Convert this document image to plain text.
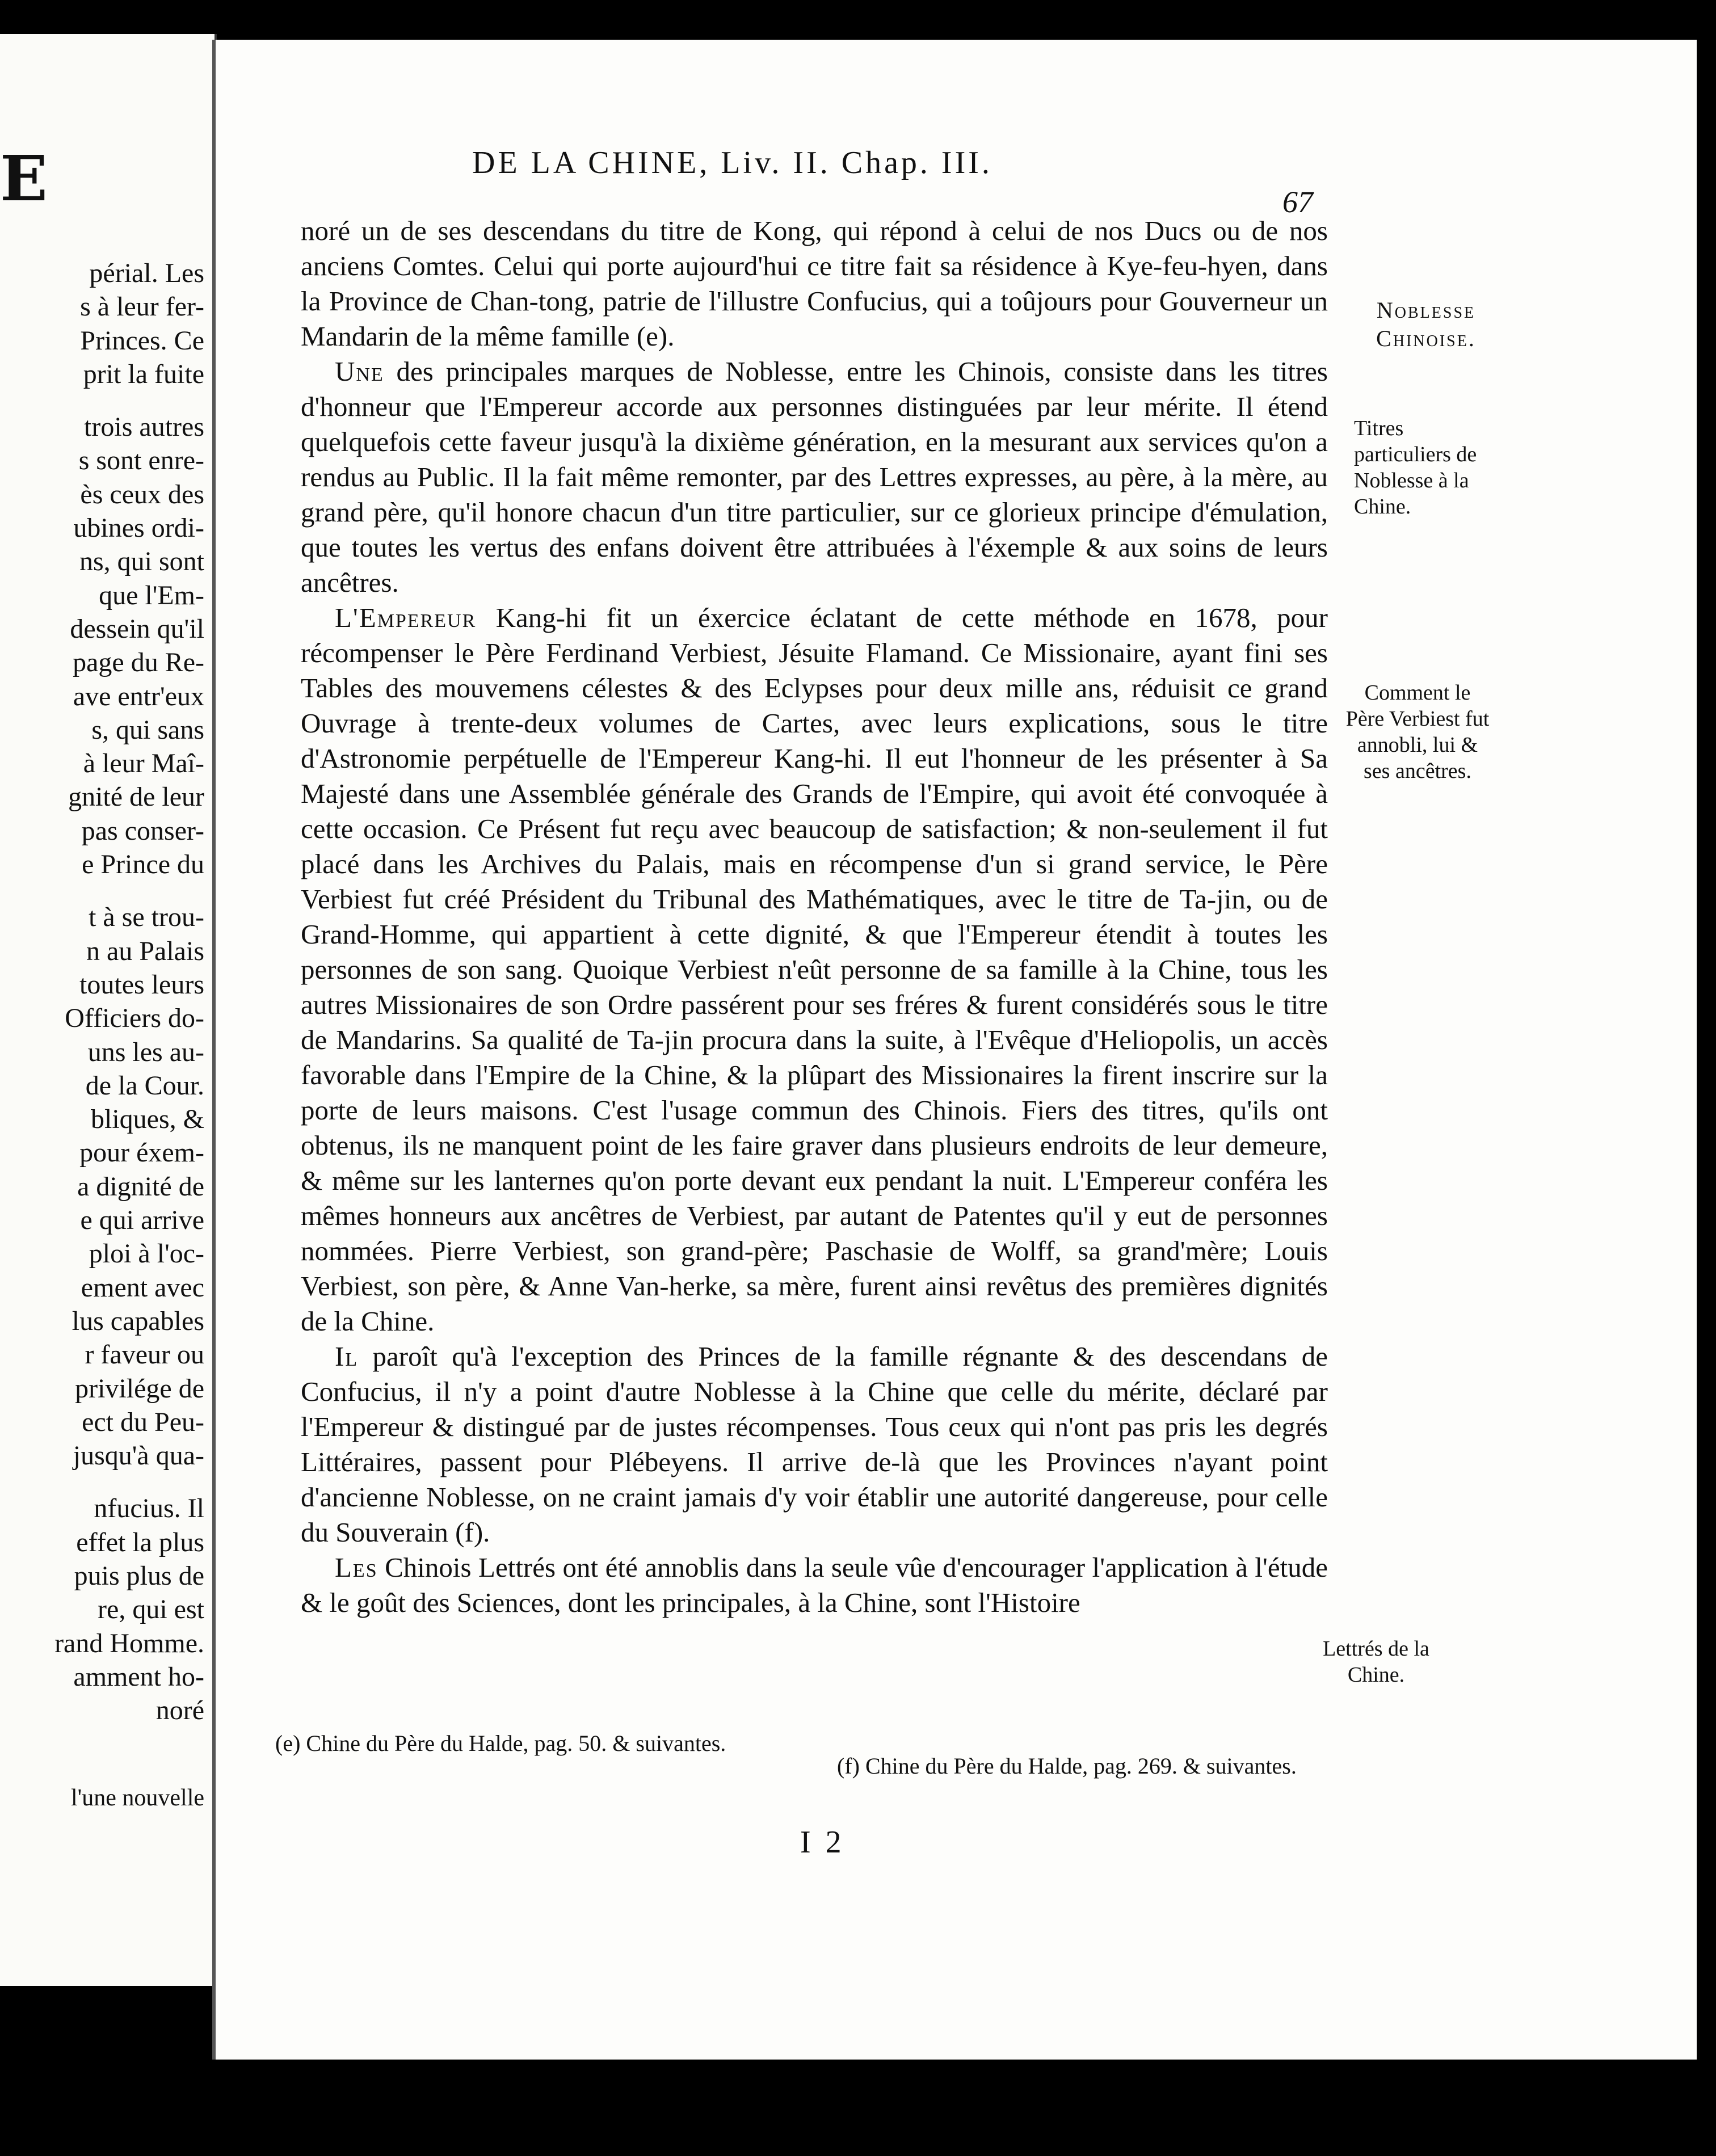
E
périal. Les
s à leur fer-
Princes. Ce
prit la fuite
trois autres
s sont enre-
ès ceux des
ubines ordi-
ns, qui sont
que l'Em-
dessein qu'il
page du Re-
ave entr'eux
s, qui sans
à leur Maî-
gnité de leur
pas conser-
e Prince du
t à se trou-
n au Palais
toutes leurs
Officiers do-
uns les au-
de la Cour.
bliques, &
pour éxem-
a dignité de
e qui arrive
ploi à l'oc-
ement avec
lus capables
r faveur ou
privilége de
ect du Peu-
jusqu'à qua-
nfucius. Il
effet la plus
puis plus de
re, qui est
rand Homme.
amment ho-
noré
l'une nouvelle
DE LA CHINE, Liv. II. Chap. III.
67

noré un de ses descendans du titre de Kong, qui répond à celui de nos Ducs ou de nos anciens Comtes. Celui qui porte aujourd'hui ce titre fait sa résidence à Kye-feu-hyen, dans la Province de Chan-tong, patrie de l'illustre Confucius, qui a toûjours pour Gouverneur un Mandarin de la même famille (e).

Une des principales marques de Noblesse, entre les Chinois, consiste dans les titres d'honneur que l'Empereur accorde aux personnes distinguées par leur mérite. Il étend quelquefois cette faveur jusqu'à la dixième génération, en la mesurant aux services qu'on a rendus au Public. Il la fait même remonter, par des Lettres expresses, au père, à la mère, au grand père, qu'il honore chacun d'un titre particulier, sur ce glorieux principe d'émulation, que toutes les vertus des enfans doivent être attribuées à l'éxemple & aux soins de leurs ancêtres.

L'Empereur Kang-hi fit un éxercice éclatant de cette méthode en 1678, pour récompenser le Père Ferdinand Verbiest, Jésuite Flamand. Ce Missionaire, ayant fini ses Tables des mouvemens célestes & des Eclypses pour deux mille ans, réduisit ce grand Ouvrage à trente-deux volumes de Cartes, avec leurs explications, sous le titre d'Astronomie perpétuelle de l'Empereur Kang-hi. Il eut l'honneur de les présenter à Sa Majesté dans une Assemblée générale des Grands de l'Empire, qui avoit été convoquée à cette occasion. Ce Présent fut reçu avec beaucoup de satisfaction; & non-seulement il fut placé dans les Archives du Palais, mais en récompense d'un si grand service, le Père Verbiest fut créé Président du Tribunal des Mathématiques, avec le titre de Ta-jin, ou de Grand-Homme, qui appartient à cette dignité, & que l'Empereur étendit à toutes les personnes de son sang. Quoique Verbiest n'eût personne de sa famille à la Chine, tous les autres Missionaires de son Ordre passérent pour ses fréres & furent considérés sous le titre de Mandarins. Sa qualité de Ta-jin procura dans la suite, à l'Evêque d'Heliopolis, un accès favorable dans l'Empire de la Chine, & la plûpart des Missionaires la firent inscrire sur la porte de leurs maisons. C'est l'usage commun des Chinois. Fiers des titres, qu'ils ont obtenus, ils ne manquent point de les faire graver dans plusieurs endroits de leur demeure, & même sur les lanternes qu'on porte devant eux pendant la nuit. L'Empereur conféra les mêmes honneurs aux ancêtres de Verbiest, par autant de Patentes qu'il y eut de personnes nommées. Pierre Verbiest, son grand-père; Paschasie de Wolff, sa grand'mère; Louis Verbiest, son père, & Anne Van-herke, sa mère, furent ainsi revêtus des premières dignités de la Chine.

Il paroît qu'à l'exception des Princes de la famille régnante & des descendans de Confucius, il n'y a point d'autre Noblesse à la Chine que celle du mérite, déclaré par l'Empereur & distingué par de justes récompenses. Tous ceux qui n'ont pas pris les degrés Littéraires, passent pour Plébeyens. Il arrive de-là que les Provinces n'ayant point d'ancienne Noblesse, on ne craint jamais d'y voir établir une autorité dangereuse, pour celle du Souverain (f).

Les Chinois Lettrés ont été annoblis dans la seule vûe d'encourager l'application à l'étude & le goût des Sciences, dont les principales, à la Chine, sont l'Histoire

Noblesse Chinoise.
Titres particuliers de Noblesse à la Chine.
Comment le Père Verbiest fut annobli, lui & ses ancêtres.
Lettrés de la Chine.
(e) Chine du Père du Halde, pag. 50. & suivantes.
(f) Chine du Père du Halde, pag. 269. & suivantes.
I 2
